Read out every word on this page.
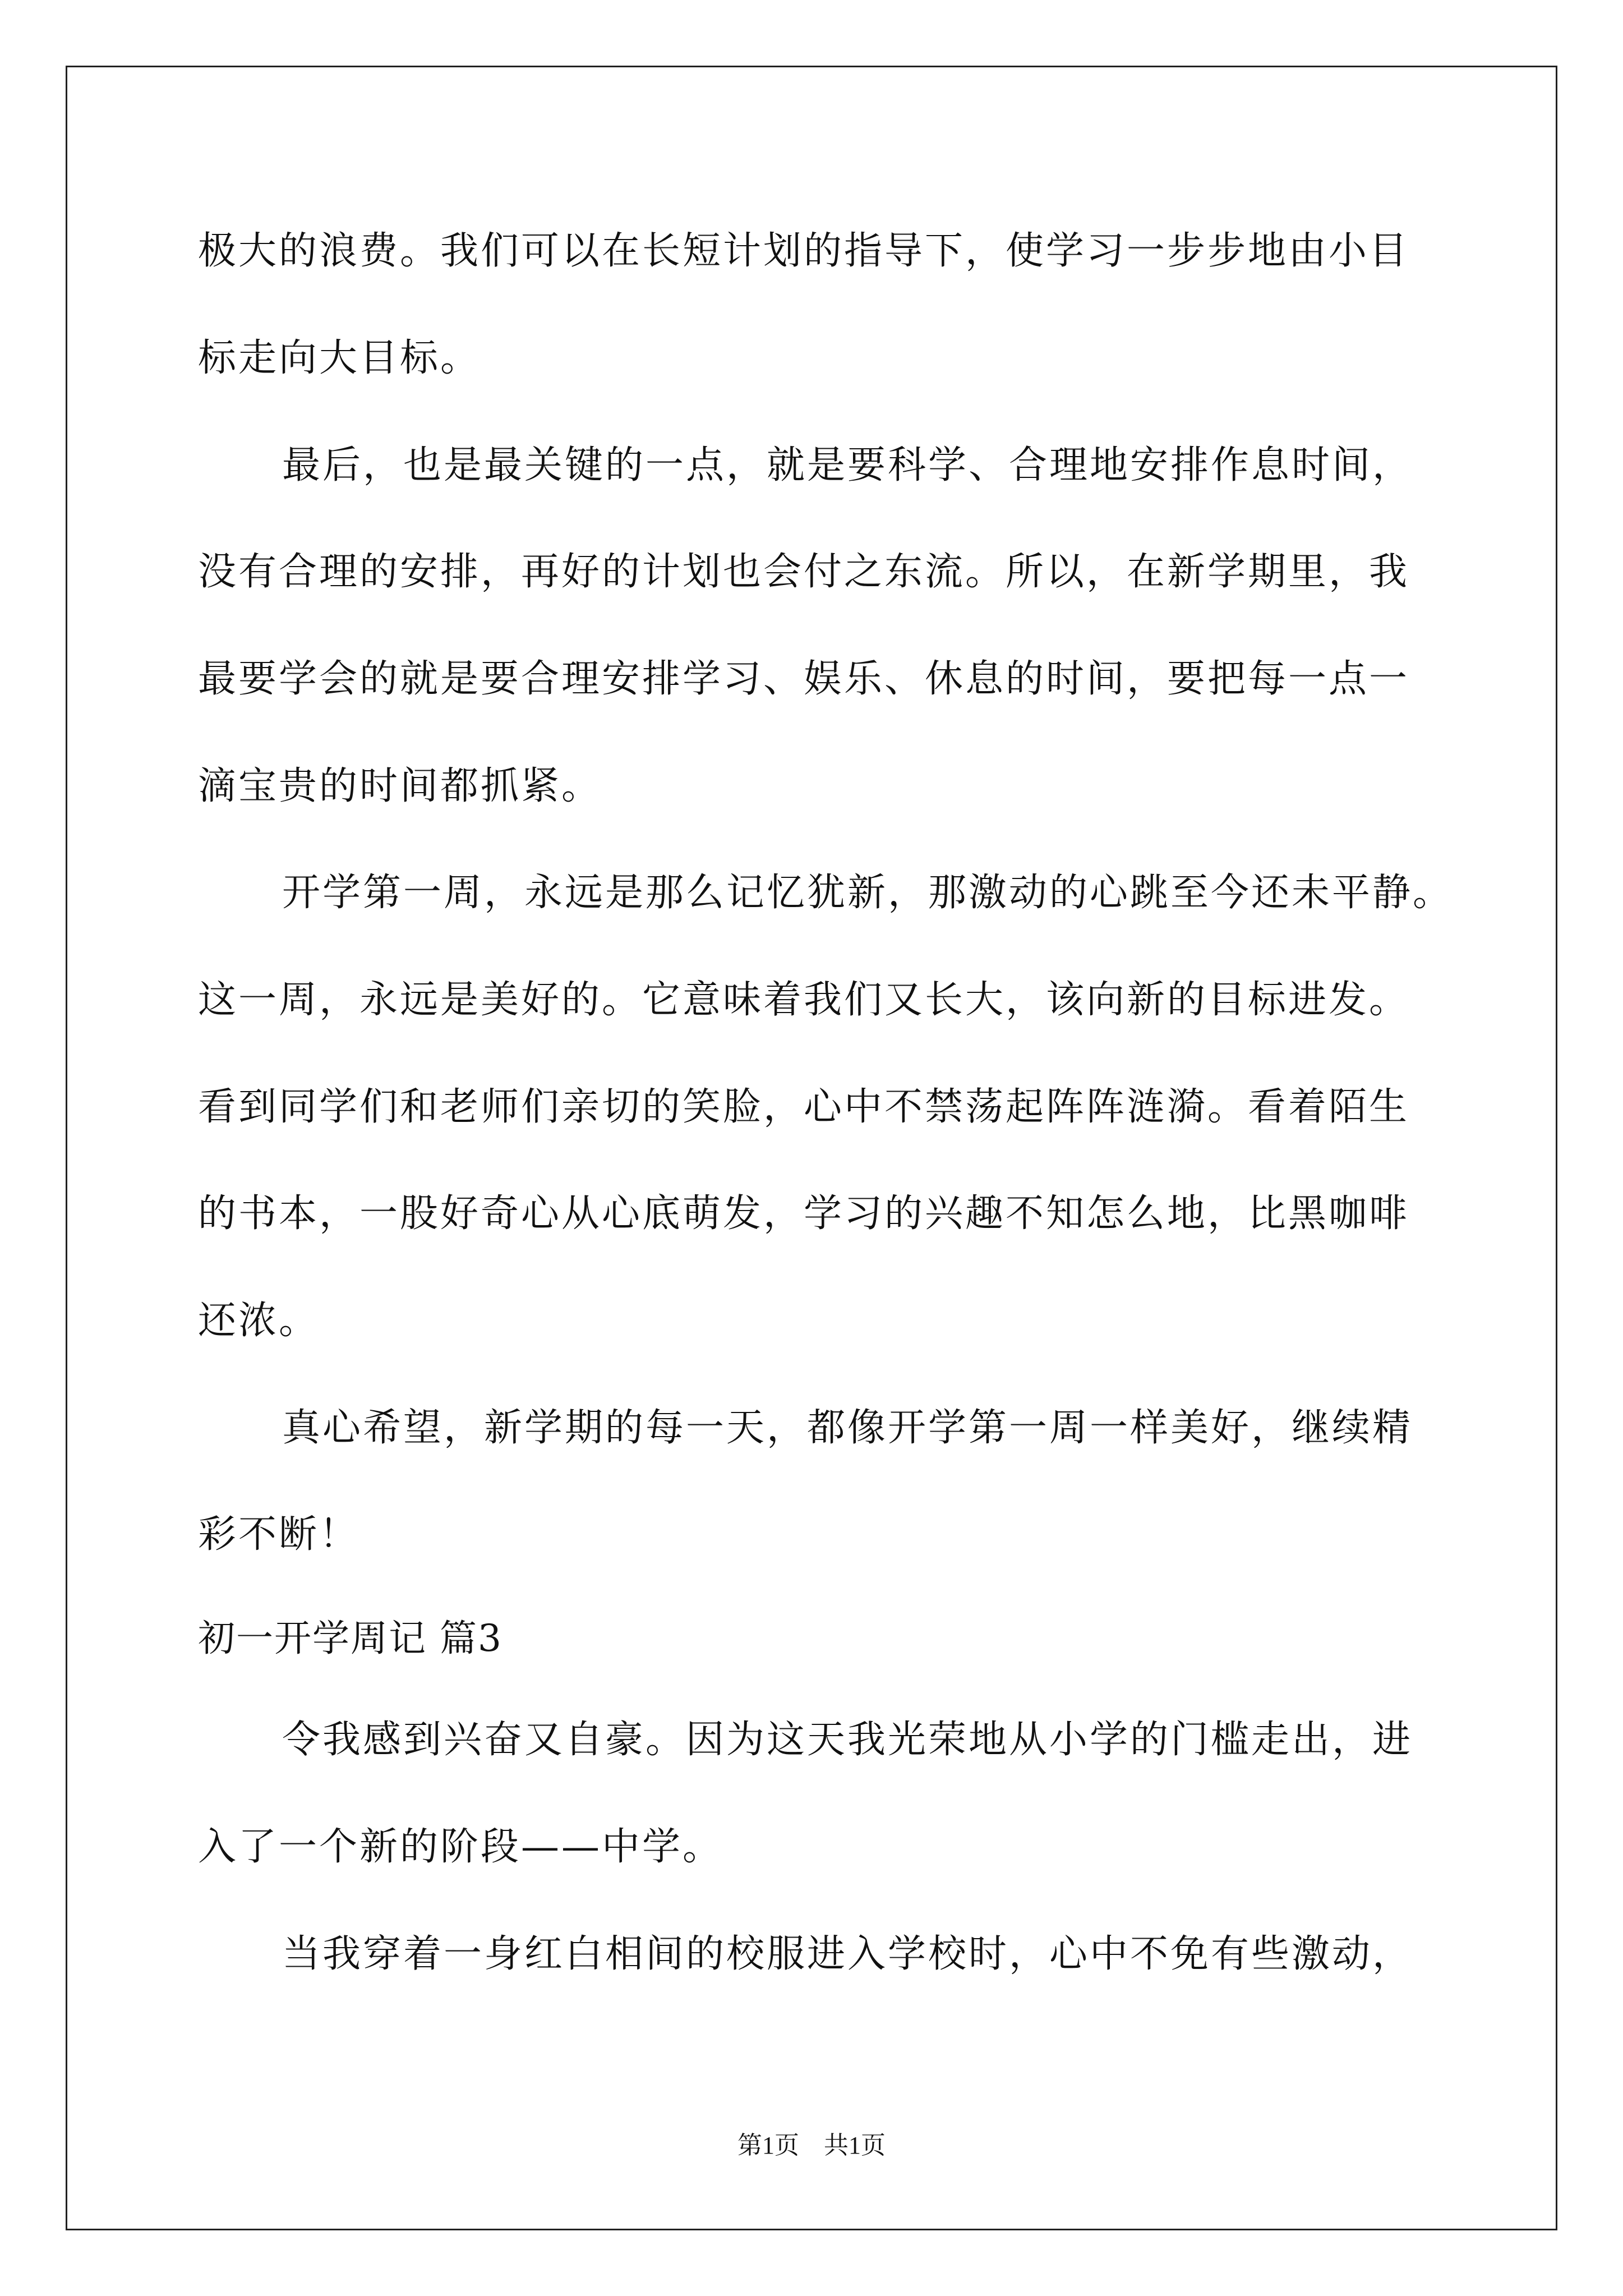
极大的浪费。我们可以在长短计划的指导下，使学习一步步地由小目
标走向大目标。
最后，也是最关键的一点，就是要科学、合理地安排作息时间，
没有合理的安排，再好的计划也会付之东流。所以，在新学期里，我
最要学会的就是要合理安排学习、娱乐、休息的时间，要把每一点一
滴宝贵的时间都抓紧。
开学第一周，永远是那么记忆犹新，那激动的心跳至今还未平静。
这一周，永远是美好的。它意味着我们又长大，该向新的目标进发。
看到同学们和老师们亲切的笑脸，心中不禁荡起阵阵涟漪。看着陌生
的书本，一股好奇心从心底萌发，学习的兴趣不知怎么地，比黑咖啡
还浓。
真心希望，新学期的每一天，都像开学第一周一样美好，继续精
彩不断！
初一开学周记 篇3
令我感到兴奋又自豪。因为这天我光荣地从小学的门槛走出，进
入了一个新的阶段——中学。
当我穿着一身红白相间的校服进入学校时，心中不免有些激动，
第1页　共1页
